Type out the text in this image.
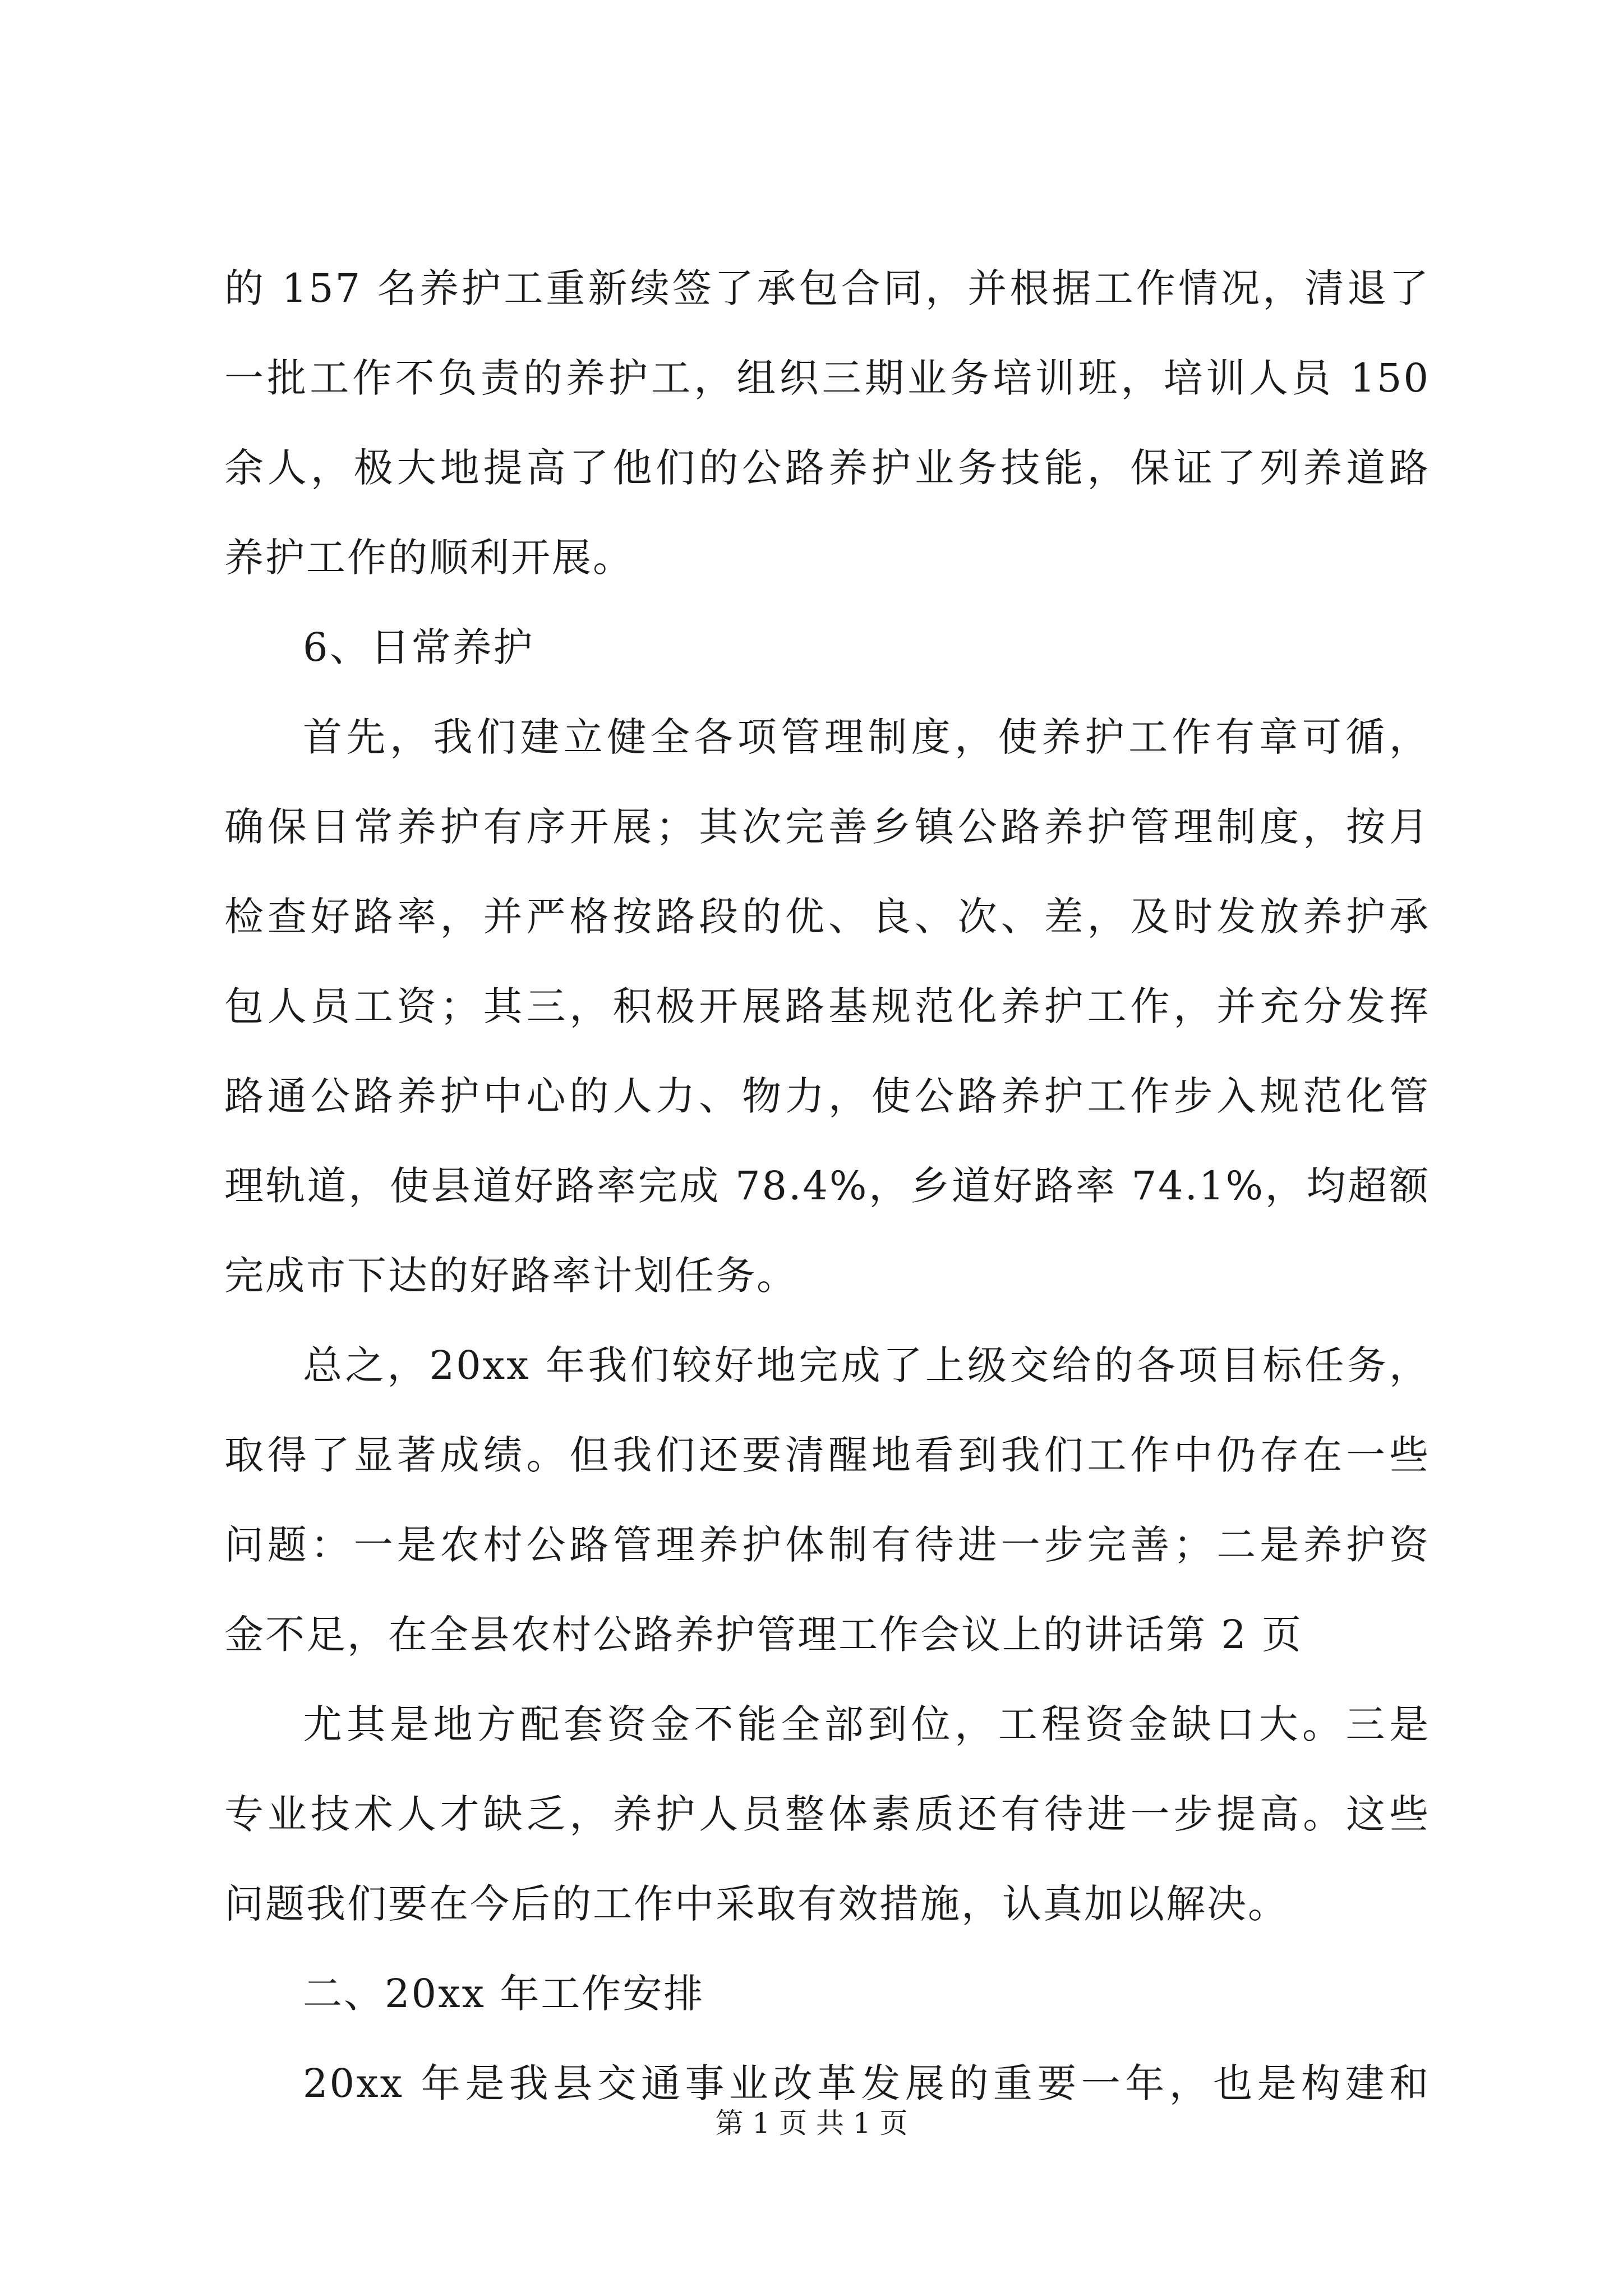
的 157 名养护工重新续签了承包合同，并根据工作情况，清退了
一批工作不负责的养护工，组织三期业务培训班，培训人员 150
余人，极大地提高了他们的公路养护业务技能，保证了列养道路
养护工作的顺利开展。
6、日常养护
首先，我们建立健全各项管理制度，使养护工作有章可循，
确保日常养护有序开展；其次完善乡镇公路养护管理制度，按月
检查好路率，并严格按路段的优、良、次、差，及时发放养护承
包人员工资；其三，积极开展路基规范化养护工作，并充分发挥
路通公路养护中心的人力、物力，使公路养护工作步入规范化管
理轨道，使县道好路率完成 78.4%，乡道好路率 74.1%，均超额
完成市下达的好路率计划任务。
总之，20xx 年我们较好地完成了上级交给的各项目标任务，
取得了显著成绩。但我们还要清醒地看到我们工作中仍存在一些
问题：一是农村公路管理养护体制有待进一步完善；二是养护资
金不足，在全县农村公路养护管理工作会议上的讲话第 2 页
尤其是地方配套资金不能全部到位，工程资金缺口大。三是
专业技术人才缺乏，养护人员整体素质还有待进一步提高。这些
问题我们要在今后的工作中采取有效措施，认真加以解决。
二、20xx 年工作安排
20xx 年是我县交通事业改革发展的重要一年，也是构建和
第 1 页 共 1 页
